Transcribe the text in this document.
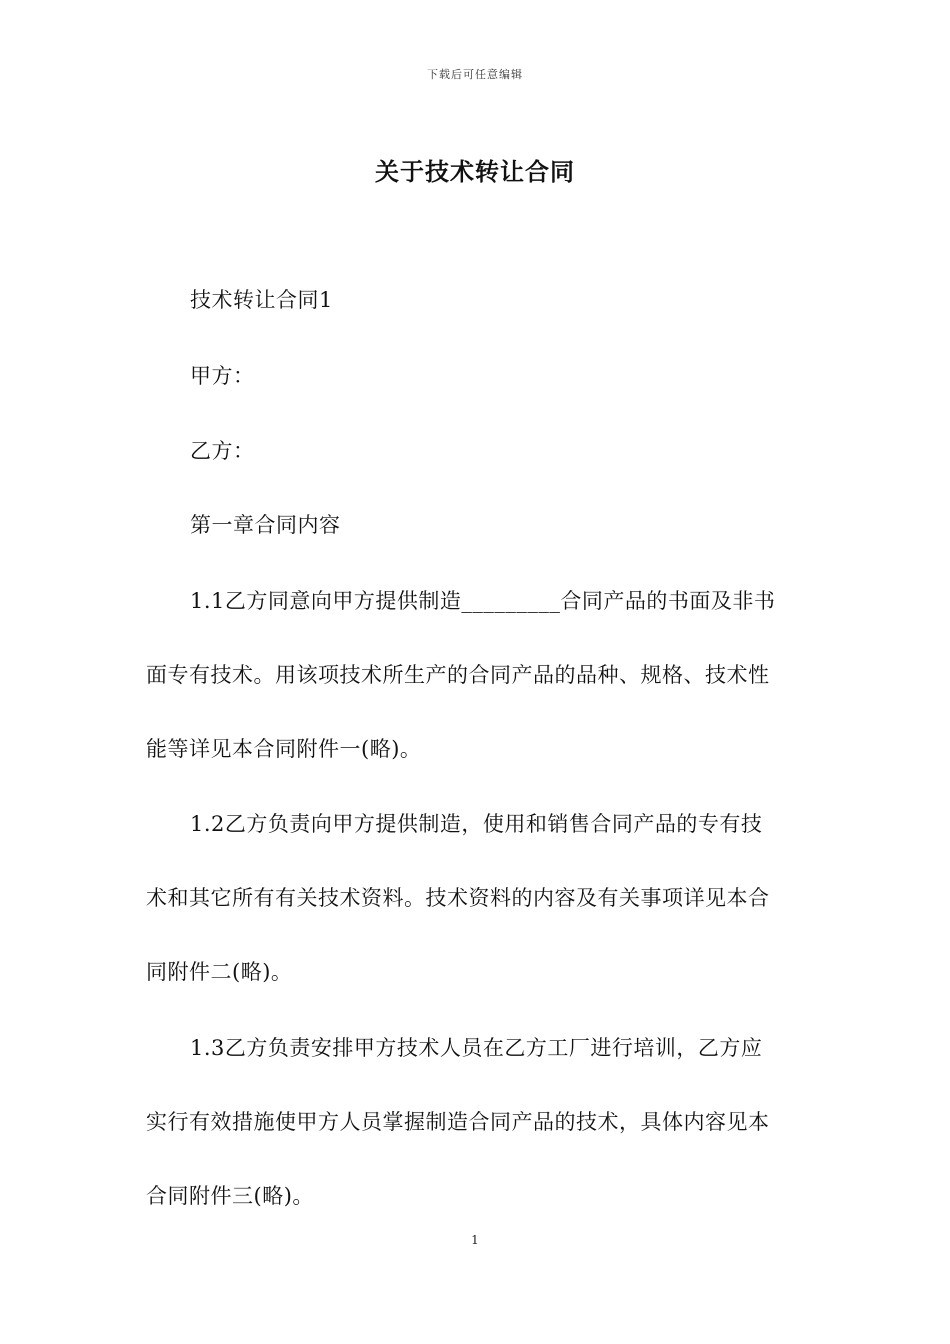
下载后可任意编辑
关于技术转让合同
技术转让合同1
甲方：
乙方：
第一章合同内容
1.1乙方同意向甲方提供制造_________合同产品的书面及非书
面专有技术。用该项技术所生产的合同产品的品种、规格、技术性
能等详见本合同附件一(略)。
1.2乙方负责向甲方提供制造，使用和销售合同产品的专有技
术和其它所有有关技术资料。技术资料的内容及有关事项详见本合
同附件二(略)。
1.3乙方负责安排甲方技术人员在乙方工厂进行培训，乙方应
实行有效措施使甲方人员掌握制造合同产品的技术，具体内容见本
合同附件三(略)。
1
